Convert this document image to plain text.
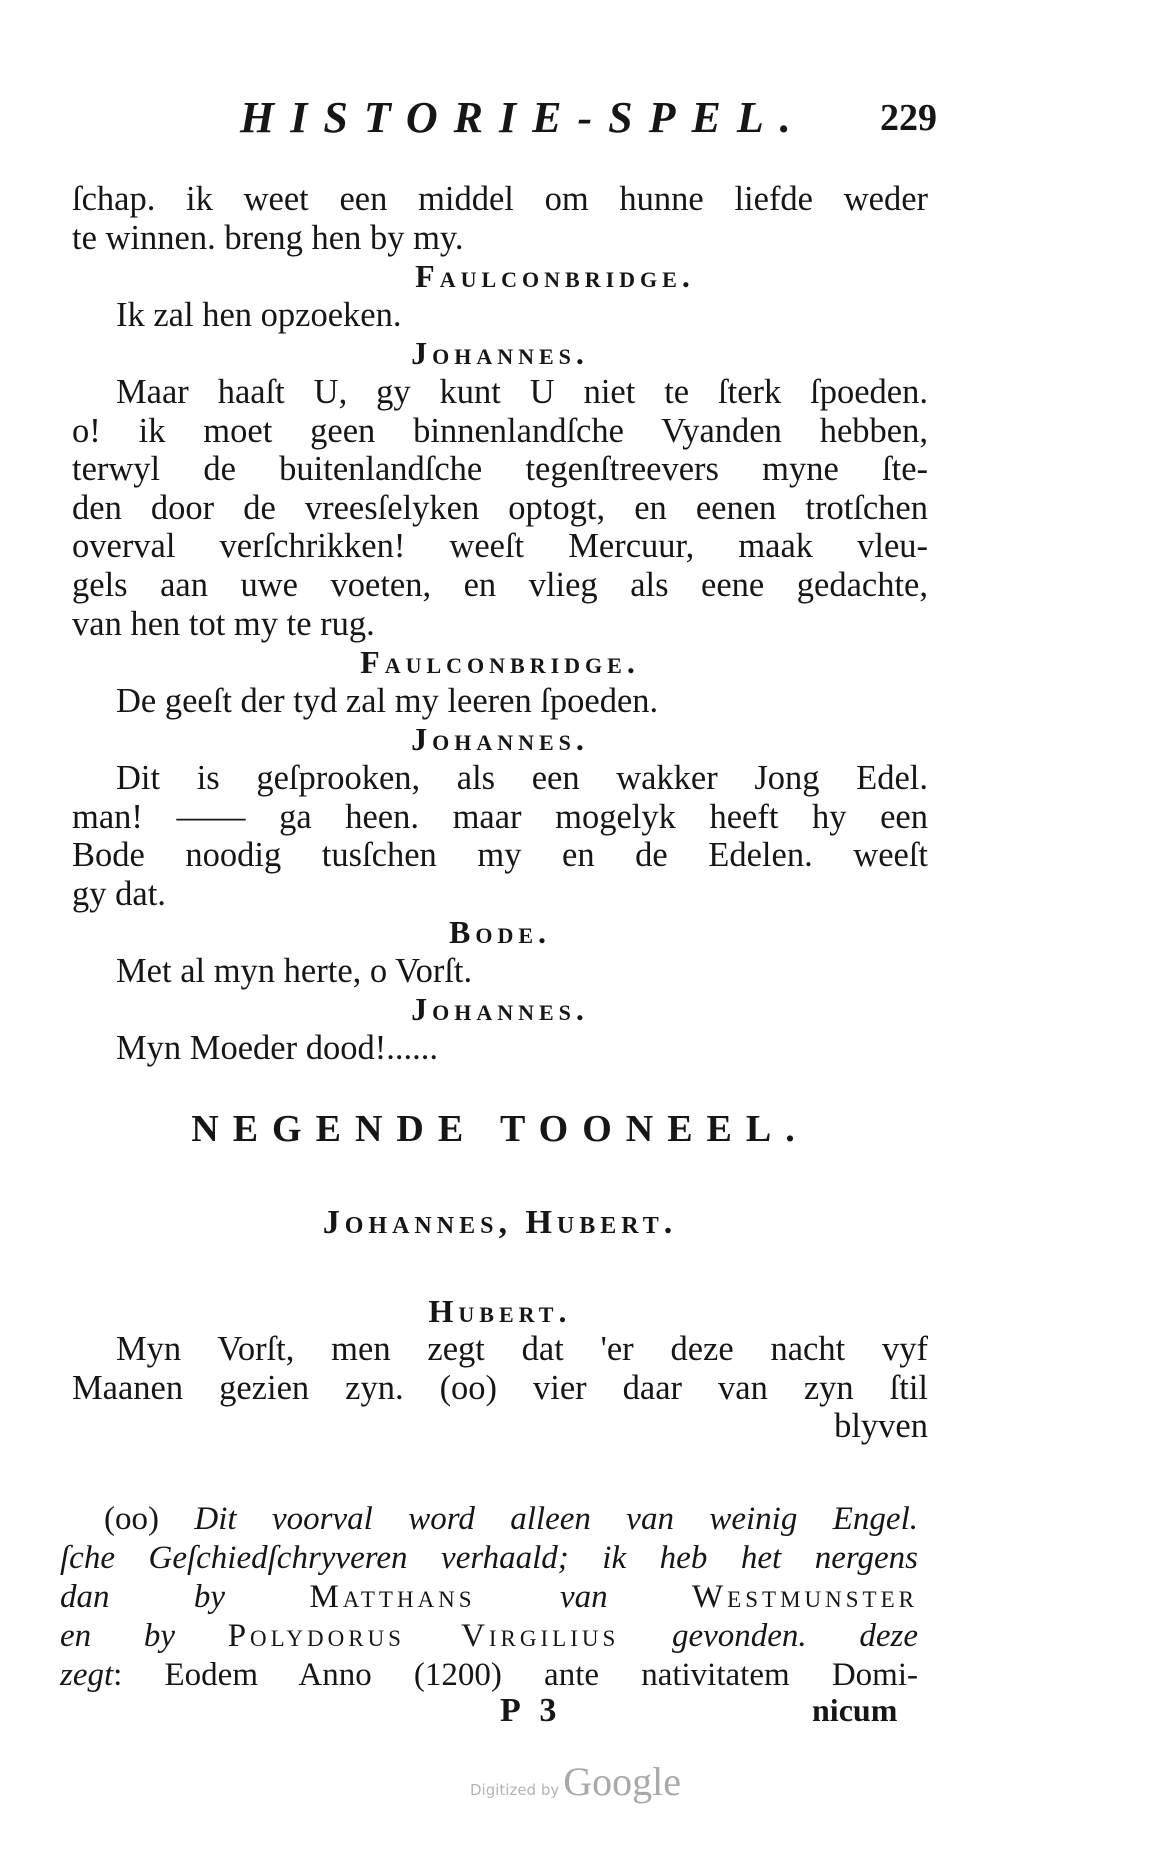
HISTORIE-SPEL. 229
ſchap. ik weet een middel om hunne liefde weder
te winnen. breng hen by my.
Faulconbridge.
Ik zal hen opzoeken.
Johannes.
Maar haaſt U, gy kunt U niet te ſterk ſpoeden.
o! ik moet geen binnenlandſche Vyanden hebben,
terwyl de buitenlandſche tegenſtreevers myne ſte-
den door de vreesſelyken optogt, en eenen trotſchen
overval verſchrikken! weeſt Mercuur, maak vleu-
gels aan uwe voeten, en vlieg als eene gedachte,
van hen tot my te rug.
Faulconbridge.
De geeſt der tyd zal my leeren ſpoeden.
Johannes.
Dit is geſprooken, als een wakker Jong Edel.
man! —— ga heen. maar mogelyk heeft hy een
Bode noodig tusſchen my en de Edelen. weeſt
gy dat.
Bode.
Met al myn herte, o Vorſt.
Johannes.
Myn Moeder dood!......
NEGENDE TOONEEL.
Johannes, Hubert.
Hubert.
Myn Vorſt, men zegt dat 'er deze nacht vyf
Maanen gezien zyn. (oo) vier daar van zyn ſtil
blyven
(oo) Dit voorval word alleen van weinig Engel.
ſche Geſchiedſchryveren verhaald; ik heb het nergens
dan by Matthans van Westmunster
en by Polydorus Virgilius gevonden. deze
zegt: Eodem Anno (1200) ante nativitatem Domi-
P 3	nicum
Digitized by Google
